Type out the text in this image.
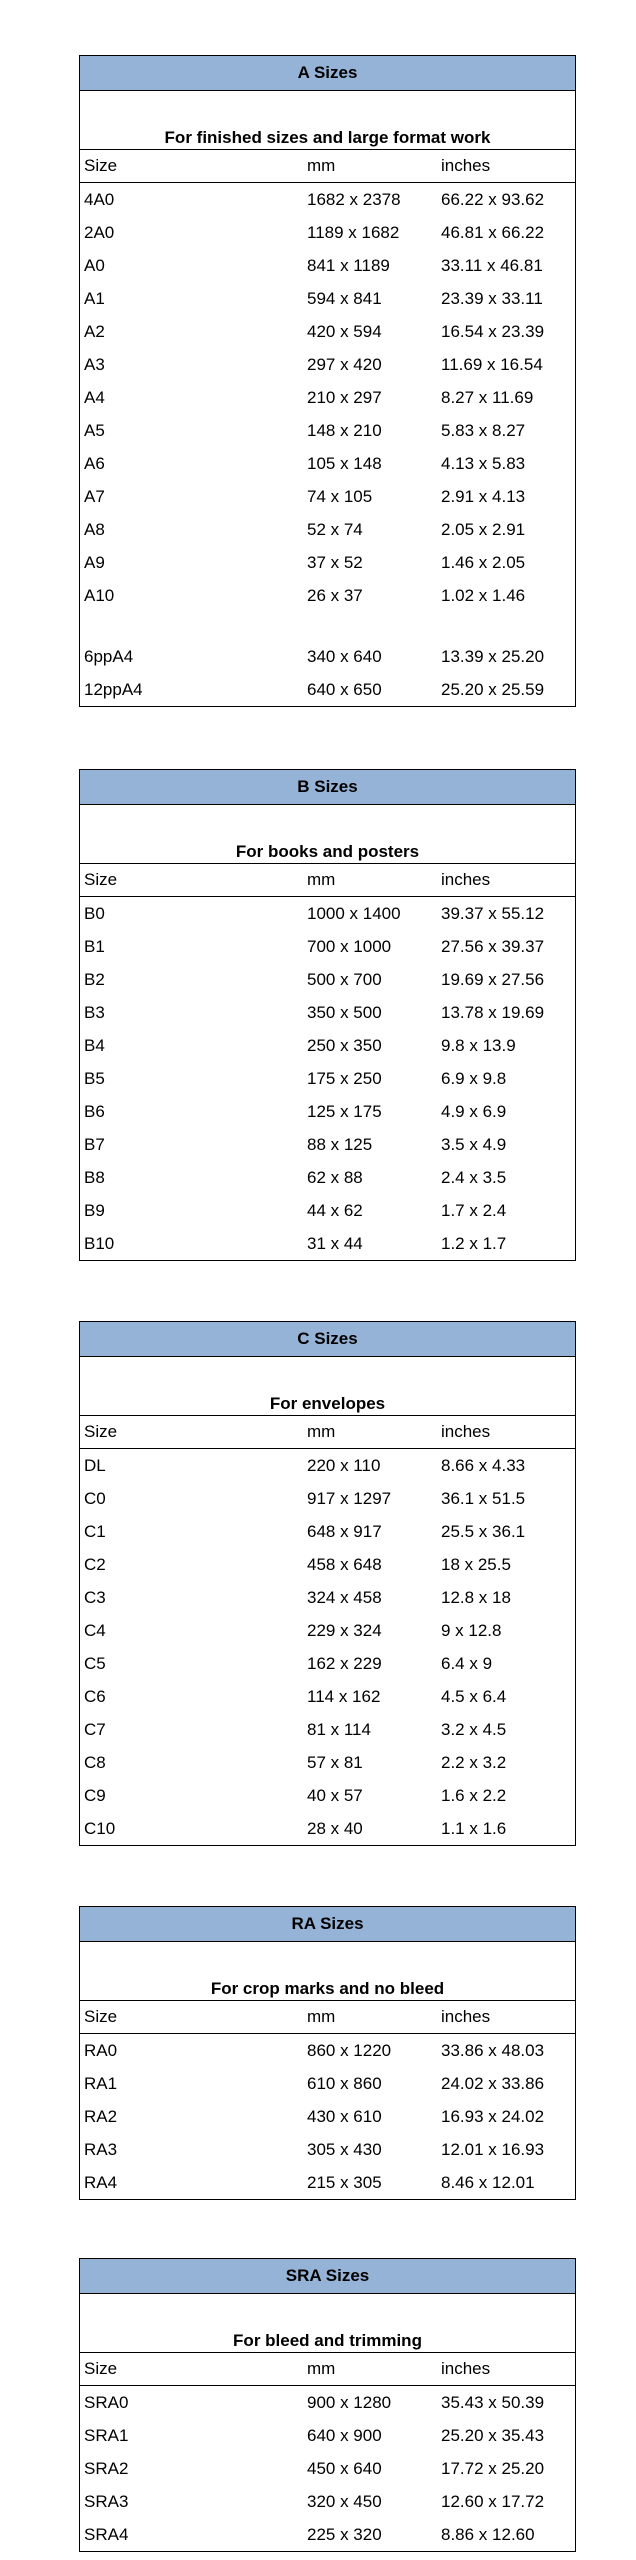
A Sizes
For finished sizes and large format work
Size	mm	inches
4A0	1682 x 2378	66.22 x 93.62
2A0	1189 x 1682	46.81 x 66.22
A0	841 x 1189	33.11 x 46.81
A1	594 x 841	23.39 x 33.11
A2	420 x 594	16.54 x 23.39
A3	297 x 420	11.69 x 16.54
A4	210 x 297	8.27 x 11.69
A5	148 x 210	5.83 x 8.27
A6	105 x 148	4.13 x 5.83
A7	74 x 105	2.91 x 4.13
A8	52 x 74	2.05 x 2.91
A9	37 x 52	1.46 x 2.05
A10	26 x 37	1.02 x 1.46
6ppA4	340 x 640	13.39 x 25.20
12ppA4	640 x 650	25.20 x 25.59
B Sizes
For books and posters
Size	mm	inches
B0	1000 x 1400	39.37 x 55.12
B1	700 x 1000	27.56 x 39.37
B2	500 x 700	19.69 x 27.56
B3	350 x 500	13.78 x 19.69
B4	250 x 350	9.8 x 13.9
B5	175 x 250	6.9 x 9.8
B6	125 x 175	4.9 x 6.9
B7	88 x 125	3.5 x 4.9
B8	62 x 88	2.4 x 3.5
B9	44 x 62	1.7 x 2.4
B10	31 x 44	1.2 x 1.7
C Sizes
For envelopes
Size	mm	inches
DL	220 x 110	8.66 x 4.33
C0	917 x 1297	36.1 x 51.5
C1	648 x 917	25.5 x 36.1
C2	458 x 648	18 x 25.5
C3	324 x 458	12.8 x 18
C4	229 x 324	9 x 12.8
C5	162 x 229	6.4 x 9
C6	114 x 162	4.5 x 6.4
C7	81 x 114	3.2 x 4.5
C8	57 x 81	2.2 x 3.2
C9	40 x 57	1.6 x 2.2
C10	28 x 40	1.1 x 1.6
RA Sizes
For crop marks and no bleed
Size	mm	inches
RA0	860 x 1220	33.86 x 48.03
RA1	610 x 860	24.02 x 33.86
RA2	430 x 610	16.93 x 24.02
RA3	305 x 430	12.01 x 16.93
RA4	215 x 305	8.46 x 12.01
SRA Sizes
For bleed and trimming
Size	mm	inches
SRA0	900 x 1280	35.43 x 50.39
SRA1	640 x 900	25.20 x 35.43
SRA2	450 x 640	17.72 x 25.20
SRA3	320 x 450	12.60 x 17.72
SRA4	225 x 320	8.86 x 12.60
